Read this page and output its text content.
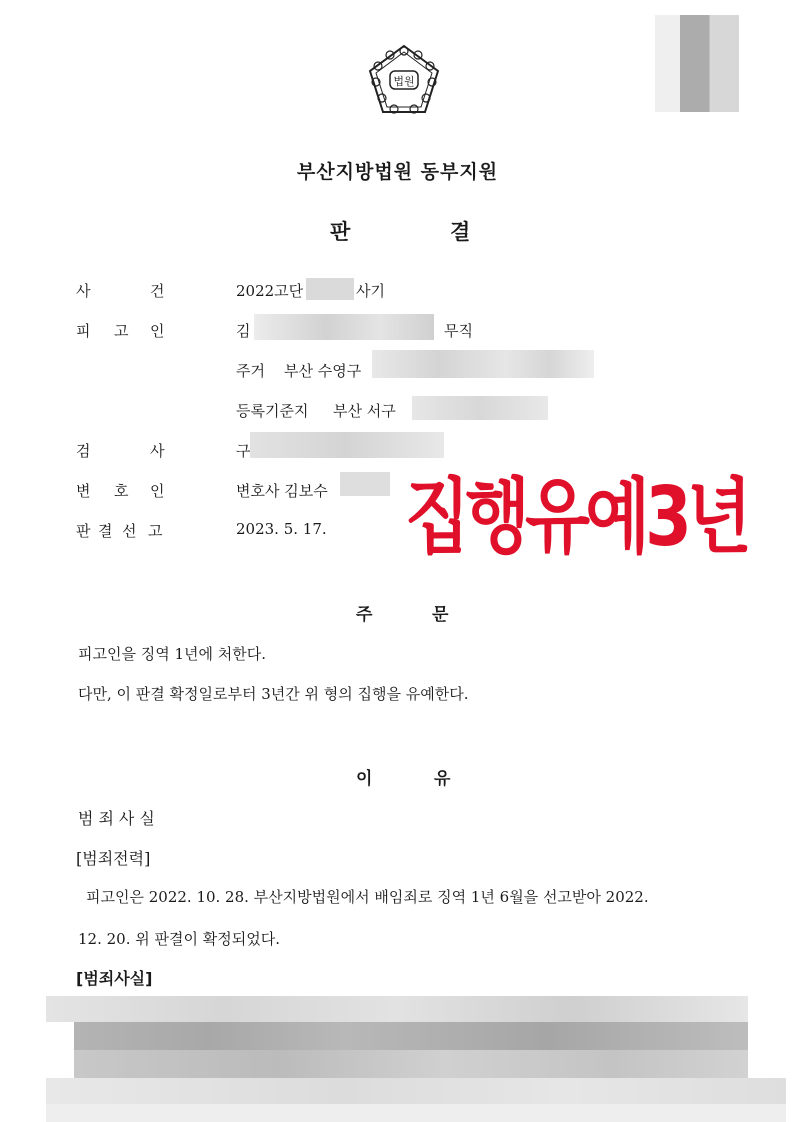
법원
부산지방법원 동부지원
판	결
사	건	2022고단	사기
피 고 인	김	무직
주거 부산 수영구
등록기준지 부산 서구
검	사	구
변 호 인	변호사 김보수
판 결 선 고	2023. 5. 17. 집행유예3년
주	문
피고인을 징역 1년에 처한다.
다만, 이 판결 확정일로부터 3년간 위 형의 집행을 유예한다.
이	유
범죄사실
[범죄전력]
피고인은 2022. 10. 28. 부산지방법원에서 배임죄로 징역 1년 6월을 선고받아 2022.
12. 20. 위 판결이 확정되었다.
[범죄사실]
